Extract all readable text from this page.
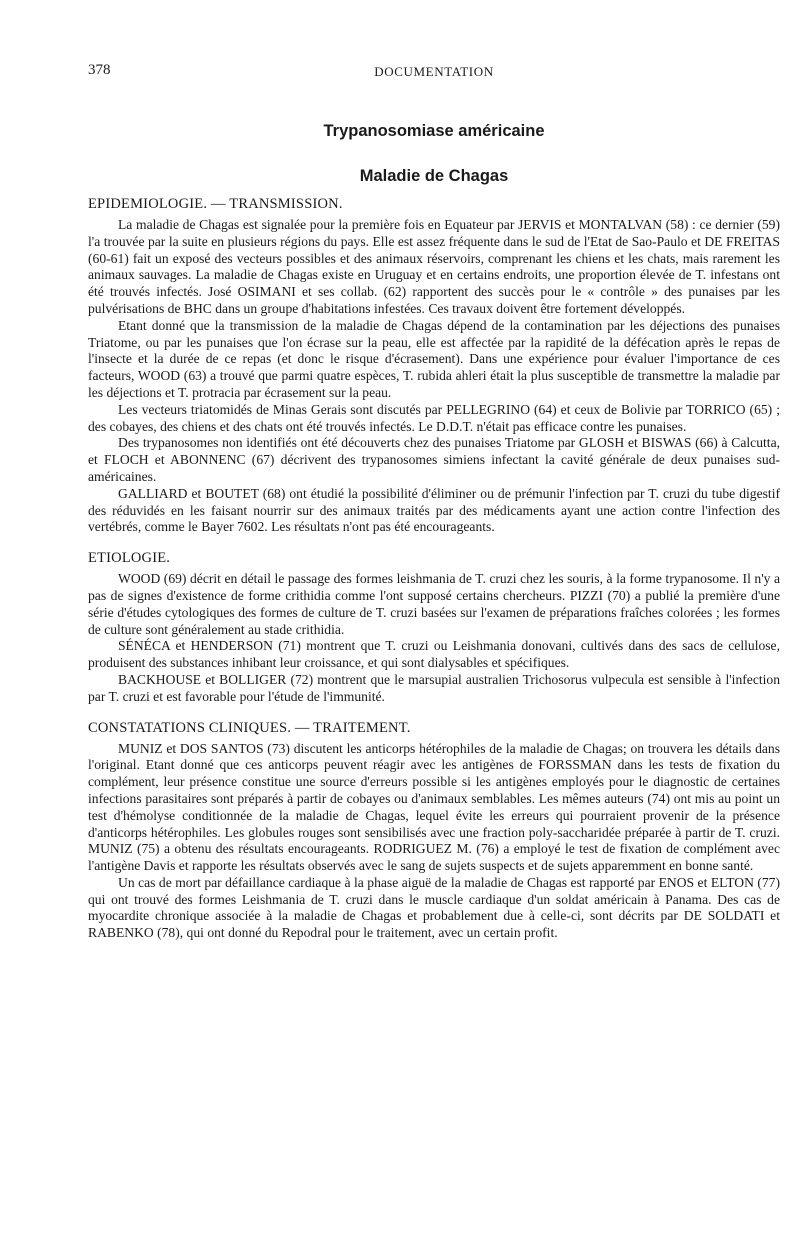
378	DOCUMENTATION
Trypanosomiase américaine
Maladie de Chagas
EPIDEMIOLOGIE. — TRANSMISSION.

La maladie de Chagas est signalée pour la première fois en Equateur par JERVIS et MONTALVAN (58) : ce dernier (59) l'a trouvée par la suite en plusieurs régions du pays. Elle est assez fréquente dans le sud de l'Etat de Sao-Paulo et DE FREITAS (60-61) fait un exposé des vecteurs possibles et des animaux réservoirs, comprenant les chiens et les chats, mais rarement les animaux sauvages. La maladie de Chagas existe en Uruguay et en certains endroits, une proportion élevée de T. infestans ont été trouvés infectés. José OSIMANI et ses collab. (62) rapportent des succès pour le « contrôle » des punaises par les pulvérisations de BHC dans un groupe d'habitations infestées. Ces travaux doivent être fortement développés.

Etant donné que la transmission de la maladie de Chagas dépend de la contamination par les déjections des punaises Triatome, ou par les punaises que l'on écrase sur la peau, elle est affectée par la rapidité de la défécation après le repas de l'insecte et la durée de ce repas (et donc le risque d'écrasement). Dans une expérience pour évaluer l'importance de ces facteurs, WOOD (63) a trouvé que parmi quatre espèces, T. rubida ahleri était la plus susceptible de transmettre la maladie par les déjections et T. protracia par écrasement sur la peau.

Les vecteurs triatomidés de Minas Gerais sont discutés par PELLEGRINO (64) et ceux de Bolivie par TORRICO (65) ; des cobayes, des chiens et des chats ont été trouvés infectés. Le D.D.T. n'était pas efficace contre les punaises.

Des trypanosomes non identifiés ont été découverts chez des punaises Triatome par GLOSH et BISWAS (66) à Calcutta, et FLOCH et ABONNENC (67) décrivent des trypanosomes simiens infectant la cavité générale de deux punaises sud-américaines.

GALLIARD et BOUTET (68) ont étudié la possibilité d'éliminer ou de prémunir l'infection par T. cruzi du tube digestif des réduvidés en les faisant nourrir sur des animaux traités par des médicaments ayant une action contre l'infection des vertébrés, comme le Bayer 7602. Les résultats n'ont pas été encourageants.

ETIOLOGIE.

WOOD (69) décrit en détail le passage des formes leishmania de T. cruzi chez les souris, à la forme trypanosome. Il n'y a pas de signes d'existence de forme crithidia comme l'ont supposé certains chercheurs. PIZZI (70) a publié la première d'une série d'études cytologiques des formes de culture de T. cruzi basées sur l'examen de préparations fraîches colorées ; les formes de culture sont généralement au stade crithidia.

SÉNÉCA et HENDERSON (71) montrent que T. cruzi ou Leishmania donovani, cultivés dans des sacs de cellulose, produisent des substances inhibant leur croissance, et qui sont dialysables et spécifiques.

BACKHOUSE et BOLLIGER (72) montrent que le marsupial australien Trichosorus vulpecula est sensible à l'infection par T. cruzi et est favorable pour l'étude de l'immunité.

CONSTATATIONS CLINIQUES. — TRAITEMENT.

MUNIZ et DOS SANTOS (73) discutent les anticorps hétérophiles de la maladie de Chagas; on trouvera les détails dans l'original. Etant donné que ces anticorps peuvent réagir avec les antigènes de FORSSMAN dans les tests de fixation du complément, leur présence constitue une source d'erreurs possible si les antigènes employés pour le diagnostic de certaines infections parasitaires sont préparés à partir de cobayes ou d'animaux semblables. Les mêmes auteurs (74) ont mis au point un test d'hémolyse conditionnée de la maladie de Chagas, lequel évite les erreurs qui pourraient provenir de la présence d'anticorps hétérophiles. Les globules rouges sont sensibilisés avec une fraction poly-saccharidée préparée à partir de T. cruzi. MUNIZ (75) a obtenu des résultats encourageants. RODRIGUEZ M. (76) a employé le test de fixation de complément avec l'antigène Davis et rapporte les résultats observés avec le sang de sujets suspects et de sujets apparemment en bonne santé.

Un cas de mort par défaillance cardiaque à la phase aiguë de la maladie de Chagas est rapporté par ENOS et ELTON (77) qui ont trouvé des formes Leishmania de T. cruzi dans le muscle cardiaque d'un soldat américain à Panama. Des cas de myocardite chronique associée à la maladie de Chagas et probablement due à celle-ci, sont décrits par DE SOLDATI et RABENKO (78), qui ont donné du Repodral pour le traitement, avec un certain profit.
